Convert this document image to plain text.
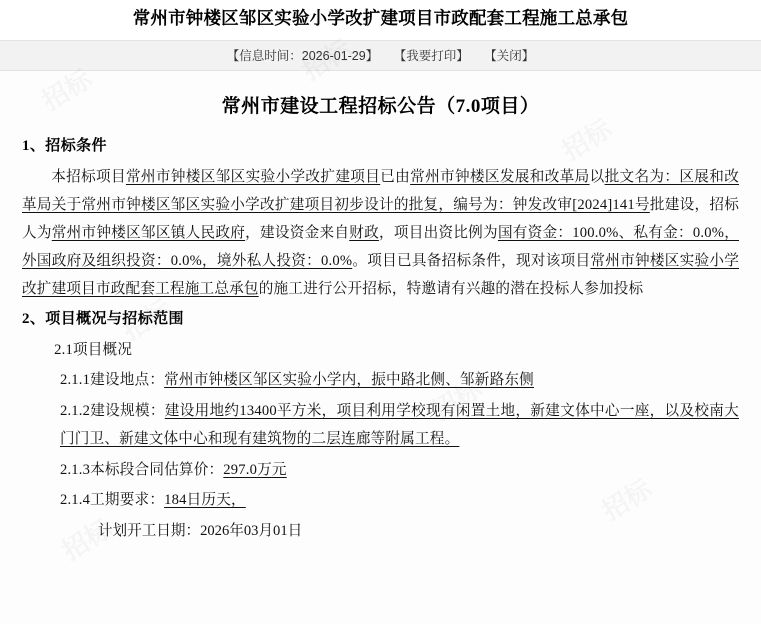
常州市钟楼区邹区实验小学改扩建项目市政配套工程施工总承包
【信息时间：2026-01-29】 【我要打印】 【关闭】
常州市建设工程招标公告（7.0项目）
1、招标条件

本招标项目常州市钟楼区邹区实验小学改扩建项目已由常州市钟楼区发展和改革局以批文名为：区展和改革局关于常州市钟楼区邹区实验小学改扩建项目初步设计的批复，编号为：钟发改审[2024]141号批建设，招标人为常州市钟楼区邹区镇人民政府，建设资金来自财政，项目出资比例为国有资金：100.0%、私有金：0.0%，外国政府及组织投资：0.0%，境外私人投资：0.0%。项目已具备招标条件，现对该项目常州市钟楼区实验小学改扩建项目市政配套工程施工总承包的施工进行公开招标，特邀请有兴趣的潜在投标人参加投标

2、项目概况与招标范围
2.1项目概况
2.1.1建设地点：常州市钟楼区邹区实验小学内，振中路北侧、邹新路东侧
2.1.2建设规模：建设用地约13400平方米，项目利用学校现有闲置土地，新建文体中心一座，以及校南大门门卫、新建文体中心和现有建筑物的二层连廊等附属工程。
2.1.3本标段合同估算价：297.0万元
2.1.4工期要求：184日历天，
计划开工日期：2026年03月01日
